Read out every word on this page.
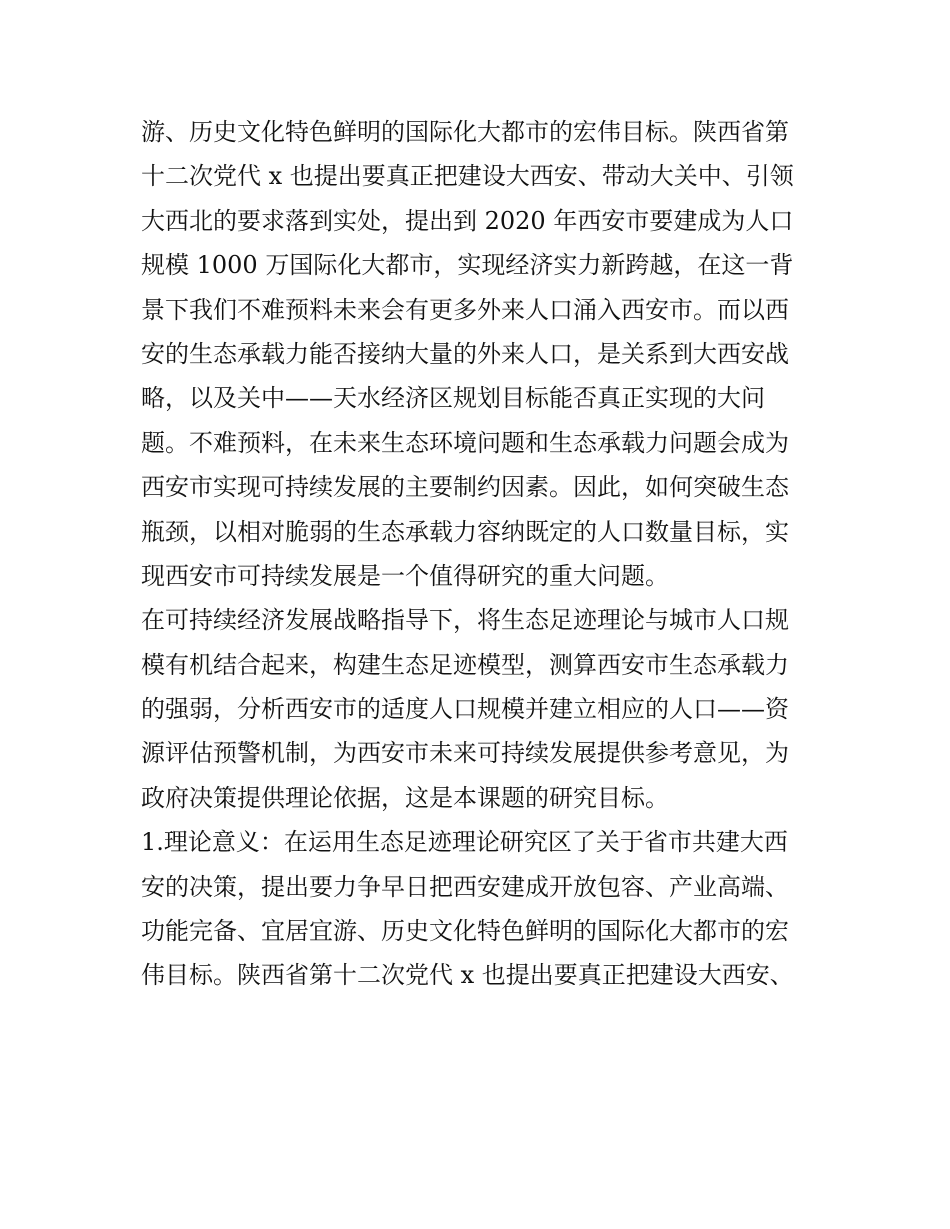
游、历史文化特色鲜明的国际化大都市的宏伟目标。陕西省第
十二次党代 x 也提出要真正把建设大西安、带动大关中、引领
大西北的要求落到实处，提出到 2020 年西安市要建成为人口
规模 1000 万国际化大都市，实现经济实力新跨越，在这一背
景下我们不难预料未来会有更多外来人口涌入西安市。而以西
安的生态承载力能否接纳大量的外来人口，是关系到大西安战
略，以及关中——天水经济区规划目标能否真正实现的大问
题。不难预料，在未来生态环境问题和生态承载力问题会成为
西安市实现可持续发展的主要制约因素。因此，如何突破生态
瓶颈，以相对脆弱的生态承载力容纳既定的人口数量目标，实
现西安市可持续发展是一个值得研究的重大问题。
在可持续经济发展战略指导下，将生态足迹理论与城市人口规
模有机结合起来，构建生态足迹模型，测算西安市生态承载力
的强弱，分析西安市的适度人口规模并建立相应的人口——资
源评估预警机制，为西安市未来可持续发展提供参考意见，为
政府决策提供理论依据，这是本课题的研究目标。
1.理论意义：在运用生态足迹理论研究区了关于省市共建大西
安的决策，提出要力争早日把西安建成开放包容、产业高端、
功能完备、宜居宜游、历史文化特色鲜明的国际化大都市的宏
伟目标。陕西省第十二次党代 x 也提出要真正把建设大西安、
